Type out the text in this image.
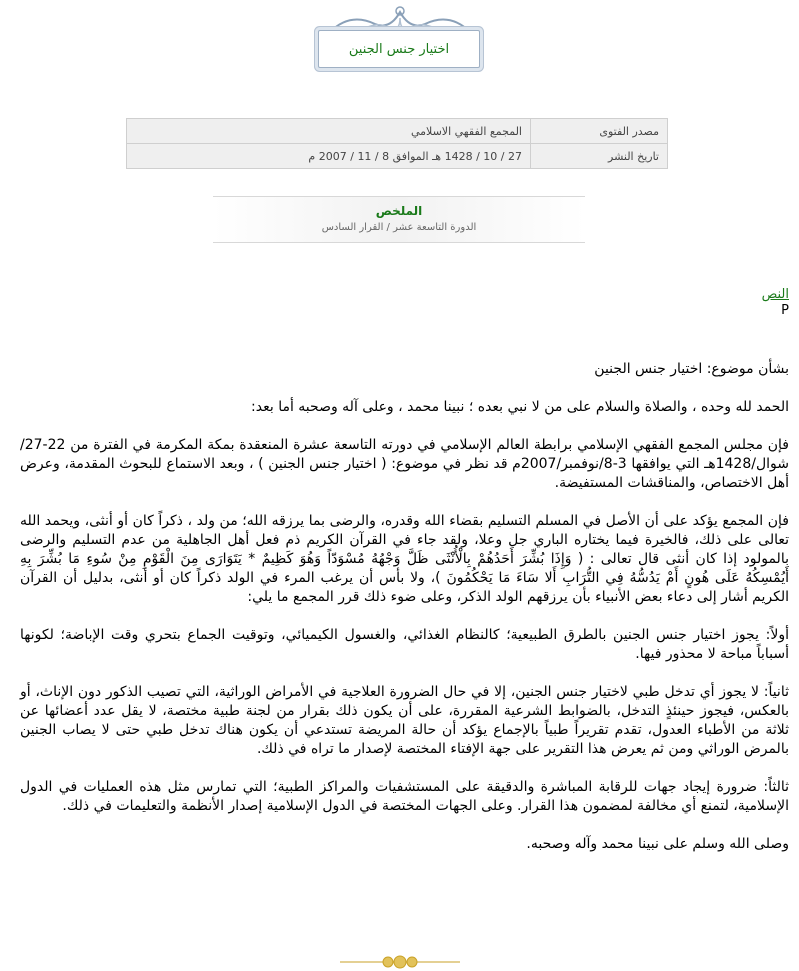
اختيار جنس الجنين
مصدر الفتوى	المجمع الفقهي الاسلامي
تاريخ النشر	27 / 10 / 1428 هـ الموافق 8 / 11 / 2007 م
الملخص
الدورة التاسعة عشر / القرار السادس
النص
P

بشأن موضوع: اختيار جنس الجنين

الحمد لله وحده ، والصلاة والسلام على من لا نبي بعده ؛ نبينا محمد ، وعلى آله وصحبه أما بعد:

فإن مجلس المجمع الفقهي الإسلامي برابطة العالم الإسلامي في دورته التاسعة عشرة المنعقدة بمكة المكرمة في الفترة من 22-27/ شوال/1428هـ التي يوافقها 3-8/نوفمبر/2007م قد نظر في موضوع: ( اختيار جنس الجنين ) ، وبعد الاستماع للبحوث المقدمة، وعرض أهل الاختصاص، والمناقشات المستفيضة.

فإن المجمع يؤكد على أن الأصل في المسلم التسليم بقضاء الله وقدره، والرضى بما يرزقه الله؛ من ولد ، ذكراً كان أو أنثى، ويحمد الله تعالى على ذلك، فالخيرة فيما يختاره الباري جل وعلا، ولقد جاء في القرآن الكريم ذم فعل أهل الجاهلية من عدم التسليم والرضى بالمولود إذا كان أنثى قال تعالى : ( وَإِذَا بُشِّرَ أَحَدُهُمْ بِالْأُنْثَى ظَلَّ وَجْهُهُ مُسْوَدّاً وَهُوَ كَظِيمٌ * يَتَوَارَى مِنَ الْقَوْمِ مِنْ سُوءِ مَا بُشِّرَ بِهِ أَيُمْسِكُهُ عَلَى هُونٍ أَمْ يَدُسُّهُ فِي التُّرَابِ أَلا سَاءَ مَا يَحْكُمُونَ )، ولا بأس أن يرغب المرء في الولد ذكراً كان أو أنثى، بدليل أن القرآن الكريم أشار إلى دعاء بعض الأنبياء بأن يرزقهم الولد الذكر، وعلى ضوء ذلك قرر المجمع ما يلي:

أولاً: يجوز اختيار جنس الجنين بالطرق الطبيعية؛ كالنظام الغذائي، والغسول الكيميائي، وتوقيت الجماع بتحري وقت الإباضة؛ لكونها أسباباً مباحة لا محذور فيها.

ثانياً: لا يجوز أي تدخل طبي لاختيار جنس الجنين، إلا في حال الضرورة العلاجية في الأمراض الوراثية، التي تصيب الذكور دون الإناث، أو بالعكس، فيجوز حينئذٍ التدخل، بالضوابط الشرعية المقررة، على أن يكون ذلك بقرار من لجنة طبية مختصة، لا يقل عدد أعضائها عن ثلاثة من الأطباء العدول، تقدم تقريراً طبياً بالإجماع يؤكد أن حالة المريضة تستدعي أن يكون هناك تدخل طبي حتى لا يصاب الجنين بالمرض الوراثي ومن ثم يعرض هذا التقرير على جهة الإفتاء المختصة لإصدار ما تراه في ذلك.

ثالثاً: ضرورة إيجاد جهات للرقابة المباشرة والدقيقة على المستشفيات والمراكز الطبية؛ التي تمارس مثل هذه العمليات في الدول الإسلامية، لتمنع أي مخالفة لمضمون هذا القرار. وعلى الجهات المختصة في الدول الإسلامية إصدار الأنظمة والتعليمات في ذلك.

وصلى الله وسلم على نبينا محمد وآله وصحبه.
